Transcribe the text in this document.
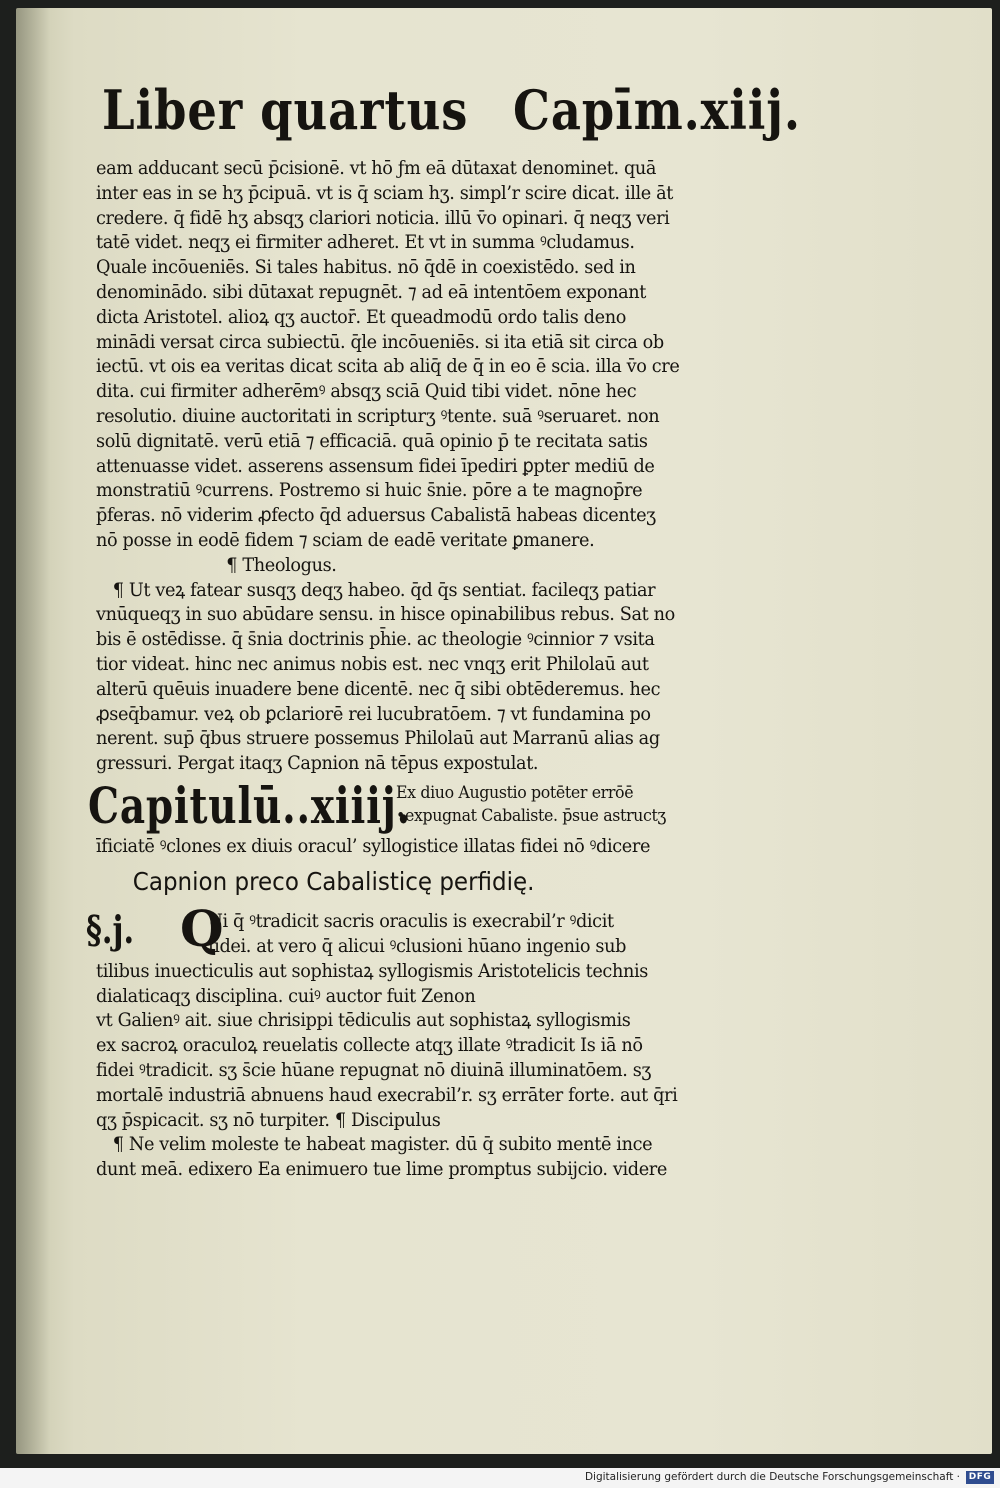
Liber quartus Capīm.xiij.
eam adducant secū p̄cisionē. vt hō ƒm eā dūtaxat denominet. quā
inter eas in se hʒ p̄cipuā. vt is q̄ sciam hʒ. simpl’r scire dicat. ille āt
credere. q̄ fidē hʒ absqʒ clariori noticia. illū v̄o opinari. q̄ neqʒ veri
tatē videt. neqʒ ei firmiter adheret. Et vt in summa ꝰcludamus.
Quale incōueniēs. Si tales habitus. nō q̄dē in coexistēdo. sed in
denominādo. sibi dūtaxat repugnēt. ⁊ ad eā intentōem exponant
dicta Aristotel. alioꝝ qʒ auctor̄. Et queadmodū ordo talis deno
minādi versat circa subiectū. q̄le incōueniēs. si ita etiā sit circa ob
iectū. vt ois ea veritas dicat scita ab aliq̄ de q̄ in eo ē scia. illa v̄o cre
dita. cui firmiter adherēmꝰ absqʒ sciā Quid tibi videt. nōne hec
resolutio. diuine auctoritati in scripturʒ ꝰtente. suā ꝰseruaret. non
solū dignitatē. verū etiā ⁊ efficaciā. quā opinio p̄ te recitata satis
attenuasse videt. asserens assensum fidei īpediri ꝑpter mediū de
monstratiū ꝰcurrens. Postremo si huic s̄nie. pōre a te magnop̄re
p̄feras. nō viderim ꝓfecto q̄d aduersus Cabalistā habeas dicenteʒ
nō posse in eodē fidem ⁊ sciam de eadē veritate ꝑmanere.
¶ Theologus.
¶ Ut veꝝ fatear susqʒ deqʒ habeo. q̄d q̄s sentiat. facileqʒ patiar
vnūqueqʒ in suo abūdare sensu. in hisce opinabilibus rebus. Sat no
bis ē ostēdisse. q̄ s̄nia doctrinis ph̄ie. ac theologie ꝰcinnior ⁊ vsita
tior videat. hinc nec animus nobis est. nec vnqʒ erit Philolaū aut
alterū quēuis inuadere bene dicentē. nec q̄ sibi obtēderemus. hec
ꝓseq̄bamur. veꝝ ob ꝑclariorē rei lucubratōem. ⁊ vt fundamina po
nerent. sup̄ q̄bus struere possemus Philolaū aut Marranū alias ag
gressuri. Pergat itaqʒ Capnion nā tēpus expostulat.
Capitulū..xiiij.
Ex diuo Augustio potēter errōē
•expugnat Cabaliste. p̄sue astructʒ
īficiatē ꝰclones ex diuis oracul’ syllogistice illatas fidei nō ꝰdicere
Capnion preco Cabalisticę perfidię.
§.j. Q
Ui q̄ ꝰtradicit sacris oraculis is execrabil’r ꝰdicit
fidei. at vero q̄ alicui ꝰclusioni hūano ingenio sub
tilibus inuecticulis aut sophistaꝝ syllogismis Aristotelicis technis
dialaticaqʒ disciplina. cuiꝰ auctor fuit Zenon
vt Galienꝰ ait. siue chrisippi tēdiculis aut sophistaꝝ syllogismis
ex sacroꝝ oraculoꝝ reuelatis collecte atqʒ illate ꝰtradicit Is iā nō
fidei ꝰtradicit. sʒ s̄cie hūane repugnat nō diuinā illuminatōem. sʒ
mortalē industriā abnuens haud execrabil’r. sʒ errāter forte. aut q̄ri
qʒ p̄spicacit. sʒ nō turpiter. ¶ Discipulus
¶ Ne velim moleste te habeat magister. dū q̄ subito mentē ince
dunt meā. edixero Ea enimuero tue lime promptus subijcio. videre
Digitalisierung gefördert durch die Deutsche Forschungsgemeinschaft · DFG
